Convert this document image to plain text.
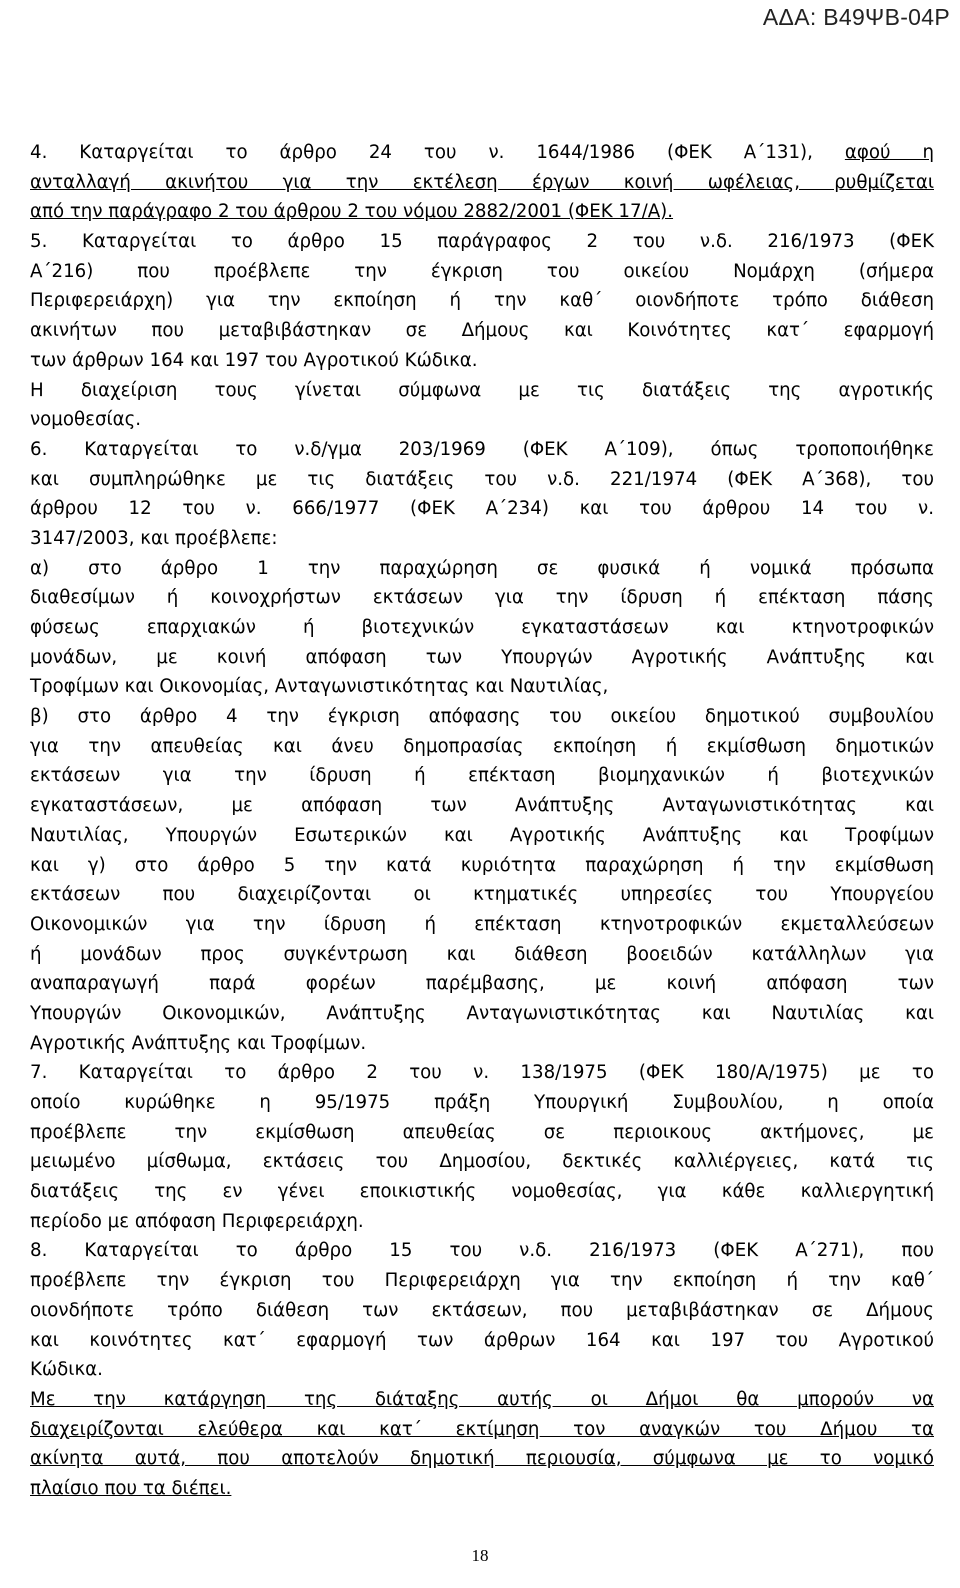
ΑΔΑ: Β49ΨΒ-04Ρ
4. Καταργείται το άρθρο 24 του ν. 1644/1986 (ΦΕΚ Α΄131), αφού η
ανταλλαγή ακινήτου για την εκτέλεση έργων κοινή ωφέλειας, ρυθμίζεται
από την παράγραφο 2 του άρθρου 2 του νόμου 2882/2001 (ΦΕΚ 17/Α).
5. Καταργείται το άρθρο 15 παράγραφος 2 του ν.δ. 216/1973 (ΦΕΚ
Α΄216) που προέβλεπε την έγκριση του οικείου Νομάρχη (σήμερα
Περιφερειάρχη) για την εκποίηση ή την καθ΄ οιονδήποτε τρόπο διάθεση
ακινήτων που μεταβιβάστηκαν σε Δήμους και Κοινότητες κατ΄ εφαρμογή
των άρθρων 164 και 197 του Αγροτικού Κώδικα.
Η διαχείριση τους γίνεται σύμφωνα με τις διατάξεις της αγροτικής
νομοθεσίας.
6. Καταργείται το ν.δ/γμα 203/1969 (ΦΕΚ Α΄109), όπως τροποποιήθηκε
και συμπληρώθηκε με τις διατάξεις του ν.δ. 221/1974 (ΦΕΚ Α΄368), του
άρθρου 12 του ν. 666/1977 (ΦΕΚ Α΄234) και του άρθρου 14 του ν.
3147/2003, και προέβλεπε:
α) στο άρθρο 1 την παραχώρηση σε φυσικά ή νομικά πρόσωπα
διαθεσίμων ή κοινοχρήστων εκτάσεων για την ίδρυση ή επέκταση πάσης
φύσεως επαρχιακών ή βιοτεχνικών εγκαταστάσεων και κτηνοτροφικών
μονάδων, με κοινή απόφαση των Υπουργών Αγροτικής Ανάπτυξης και
Τροφίμων και Οικονομίας, Ανταγωνιστικότητας και Ναυτιλίας,
β) στο άρθρο 4 την έγκριση απόφασης του οικείου δημοτικού συμβουλίου
για την απευθείας και άνευ δημοπρασίας εκποίηση ή εκμίσθωση δημοτικών
εκτάσεων για την ίδρυση ή επέκταση βιομηχανικών ή βιοτεχνικών
εγκαταστάσεων, με απόφαση των Ανάπτυξης Ανταγωνιστικότητας και
Ναυτιλίας, Υπουργών Εσωτερικών και Αγροτικής Ανάπτυξης και Τροφίμων
και γ) στο άρθρο 5 την κατά κυριότητα παραχώρηση ή την εκμίσθωση
εκτάσεων που διαχειρίζονται οι κτηματικές υπηρεσίες του Υπουργείου
Οικονομικών για την ίδρυση ή επέκταση κτηνοτροφικών εκμεταλλεύσεων
ή μονάδων προς συγκέντρωση και διάθεση βοοειδών κατάλληλων για
αναπαραγωγή παρά φορέων παρέμβασης, με κοινή απόφαση των
Υπουργών Οικονομικών, Ανάπτυξης Ανταγωνιστικότητας και Ναυτιλίας και
Αγροτικής Ανάπτυξης και Τροφίμων.
7. Καταργείται το άρθρο 2 του ν. 138/1975 (ΦΕΚ 180/Α/1975) με το
οποίο κυρώθηκε η 95/1975 πράξη Υπουργική Συμβουλίου, η οποία
προέβλεπε την εκμίσθωση απευθείας σε περιοικους ακτήμονες, με
μειωμένο μίσθωμα, εκτάσεις του Δημοσίου, δεκτικές καλλιέργειες, κατά τις
διατάξεις της εν γένει εποικιστικής νομοθεσίας, για κάθε καλλιεργητική
περίοδο με απόφαση Περιφερειάρχη.
8. Καταργείται το άρθρο 15 του ν.δ. 216/1973 (ΦΕΚ Α΄271), που
προέβλεπε την έγκριση του Περιφερειάρχη για την εκποίηση ή την καθ΄
οιονδήποτε τρόπο διάθεση των εκτάσεων, που μεταβιβάστηκαν σε Δήμους
και κοινότητες κατ΄ εφαρμογή των άρθρων 164 και 197 του Αγροτικού
Κώδικα.
Με την κατάργηση της διάταξης αυτής οι Δήμοι θα μπορούν να
διαχειρίζονται ελεύθερα και κατ΄ εκτίμηση τον αναγκών του Δήμου τα
ακίνητα αυτά, που αποτελούν δημοτική περιουσία, σύμφωνα με το νομικό
πλαίσιο που τα διέπει.
18
